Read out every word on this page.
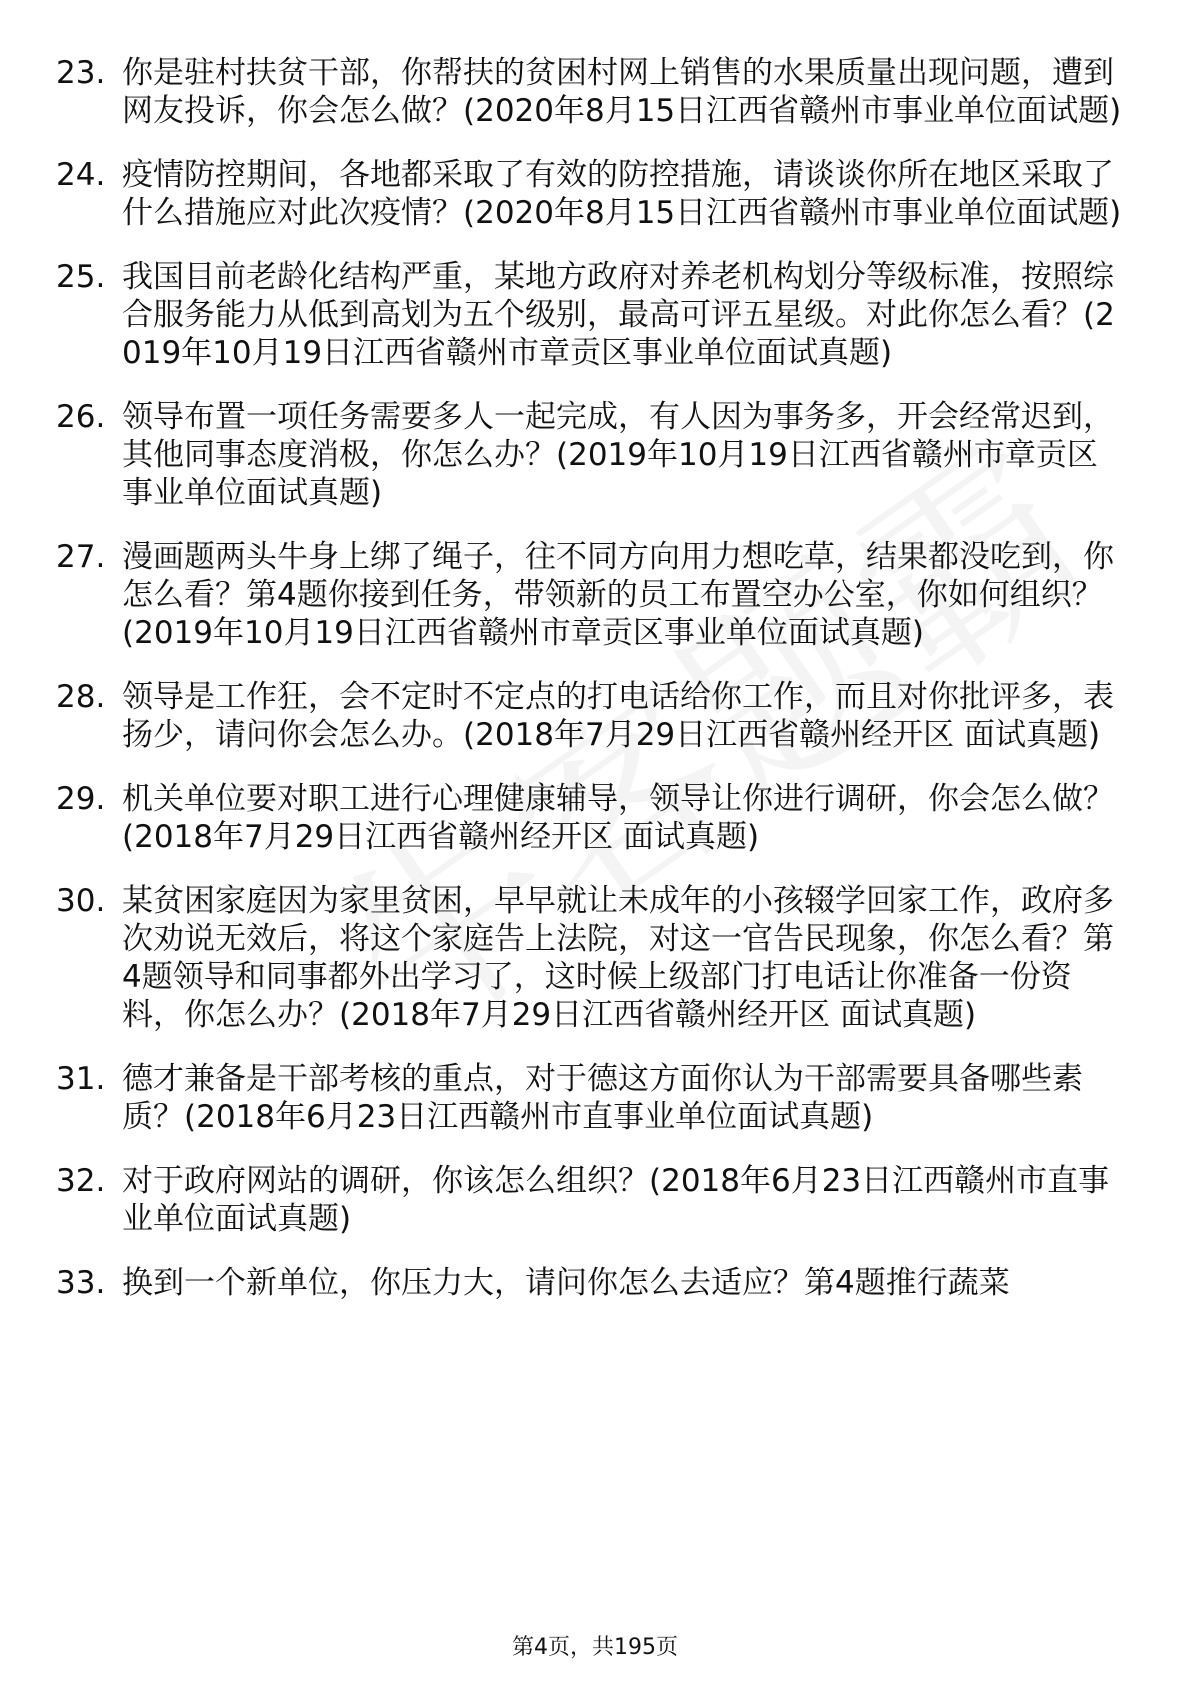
23. 你是驻村扶贫干部，你帮扶的贫困村网上销售的水果质量出现问题，遭到网友投诉，你会怎么做？(2020年8月15日江西省赣州市事业单位面试题)
24. 疫情防控期间，各地都采取了有效的防控措施，请谈谈你所在地区采取了什么措施应对此次疫情？(2020年8月15日江西省赣州市事业单位面试题)
25. 我国目前老龄化结构严重，某地方政府对养老机构划分等级标准，按照综合服务能力从低到高划为五个级别，最高可评五星级。对此你怎么看？(2019年10月19日江西省赣州市章贡区事业单位面试真题)
26. 领导布置一项任务需要多人一起完成，有人因为事务多，开会经常迟到，其他同事态度消极，你怎么办？(2019年10月19日江西省赣州市章贡区事业单位面试真题)
27. 漫画题两头牛身上绑了绳子，往不同方向用力想吃草，结果都没吃到，你怎么看？第4题你接到任务，带领新的员工布置空办公室，你如何组织？(2019年10月19日江西省赣州市章贡区事业单位面试真题)
28. 领导是工作狂，会不定时不定点的打电话给你工作，而且对你批评多，表扬少，请问你会怎么办。(2018年7月29日江西省赣州经开区 面试真题)
29. 机关单位要对职工进行心理健康辅导，领导让你进行调研，你会怎么做？(2018年7月29日江西省赣州经开区 面试真题)
30. 某贫困家庭因为家里贫困，早早就让未成年的小孩辍学回家工作，政府多次劝说无效后，将这个家庭告上法院，对这一官告民现象，你怎么看？第4题领导和同事都外出学习了，这时候上级部门打电话让你准备一份资料，你怎么办？(2018年7月29日江西省赣州经开区 面试真题)
31. 德才兼备是干部考核的重点，对于德这方面你认为干部需要具备哪些素质？(2018年6月23日江西赣州市直事业单位面试真题)
32. 对于政府网站的调研，你该怎么组织？(2018年6月23日江西赣州市直事业单位面试真题)
33. 换到一个新单位，你压力大，请问你怎么去适应？第4题推行蔬菜
第4页，共195页
